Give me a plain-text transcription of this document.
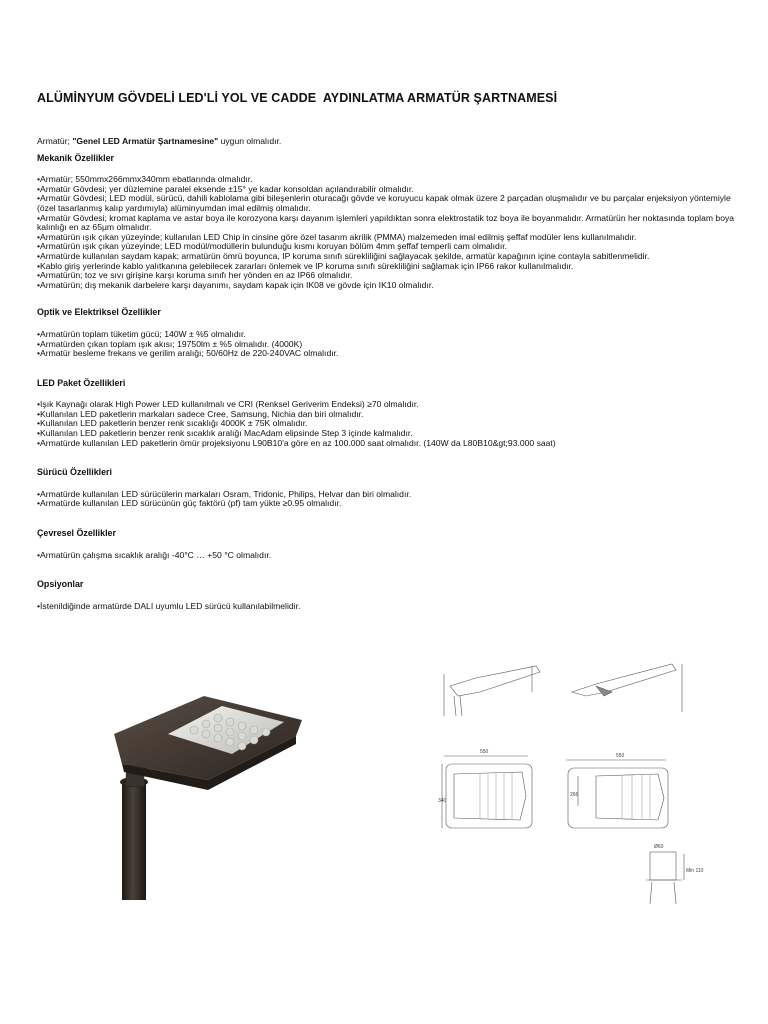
ALÜMİNYUM GÖVDELİ LED'Lİ YOL VE CADDE  AYDINLATMA ARMATÜR ŞARTNAMESİ

Armatür; "Genel LED Armatür Şartnamesine" uygun olmalıdır.

Mekanik Özellikler
• Armatür; 550mmx266mmx340mm ebatlarında olmalıdır.
• Armatür Gövdesi; yer düzlemine paralel eksende ±15° ye kadar konsoldan açılandırabilir olmalıdır.
• Armatür Gövdesi; LED modül, sürücü, dahili kablolama gibi bileşenlerin oturacağı gövde ve koruyucu kapak olmak üzere 2 parçadan oluşmalıdır ve bu parçalar enjeksiyon yöntemiyle (özel tasarlanmış kalıp yardımıyla) alüminyumdan imal edilmiş olmalıdır.
• Armatür Gövdesi; kromat kaplama ve astar boya ile korozyona karşı dayanım işlemleri yapıldıktan sonra elektrostatik toz boya ile boyanmalıdır. Armatürün her noktasında toplam boya kalınlığı en az 65µm olmalıdır.
• Armatürün ışık çıkan yüzeyinde; kullanılan LED Chip in cinsine göre özel tasarım akrilik (PMMA) malzemeden imal edilmiş şeffaf modüler lens kullanılmalıdır.
• Armatürün ışık çıkan yüzeyinde; LED modül/modüllerin bulunduğu kısmı koruyan bölüm 4mm şeffaf temperli cam olmalıdır.
• Armatürde kullanılan saydam kapak; armatürün ömrü boyunca, IP koruma sınıfı sürekliliğini sağlayacak şekilde, armatür kapağının içine contayla sabitlenmelidir.
• Kablo giriş yerlerinde kablo yalıtkanına gelebilecek zararları önlemek ve IP koruma sınıfı sürekliliğini sağlamak için IP66 rakor kullanılmalıdır.
• Armatürün; toz ve sıvı girişine karşı koruma sınıfı her yönden en az IP66 olmalıdır.
• Armatürün; dış mekanik darbelere karşı dayanımı, saydam kapak için IK08 ve gövde için IK10 olmalıdır.
Optik ve Elektriksel Özellikler
• Armatürün toplam tüketim gücü; 140W ± %5 olmalıdır.
• Armatürden çıkan toplam ışık akısı; 19750lm ± %5 olmalıdır. (4000K)
• Armatür besleme frekans ve gerilim aralığı; 50/60Hz de 220-240VAC olmalıdır.
LED Paket Özellikleri
• Işık Kaynağı olarak High Power LED kullanılmalı ve CRI (Renksel Geriverim Endeksi) ≥70 olmalıdır.
• Kullanılan LED paketlerin markaları sadece Cree, Samsung, Nichia dan biri olmalıdır.
• Kullanılan LED paketlerin benzer renk sıcaklığı 4000K ± 75K olmalıdır.
• Kullanılan LED paketlerin benzer renk sıcaklık aralığı MacAdam elipsinde Step 3 içinde kalmalıdır.
• Armatürde kullanılan LED paketlerin ömür projeksiyonu L90B10'a göre en az 100.000 saat olmalıdır. (140W da L80B10&gt;93.000 saat)
Sürücü Özellikleri
• Armatürde kullanılan LED sürücülerin markaları Osram, Tridonic, Philips, Helvar dan biri olmalıdır.
• Armatürde kullanılan LED sürücünün güç faktörü (pf) tam yükte ≥0.95 olmalıdır.
Çevresel Özellikler
• Armatürün çalışma sıcaklık aralığı -40°C … +50 °C olmalıdır.
Opsiyonlar
• İstenildiğinde armatürde DALI uyumlu LED sürücü kullanılabilmelidir.
550
550
340
266
Ø60
Min 110
